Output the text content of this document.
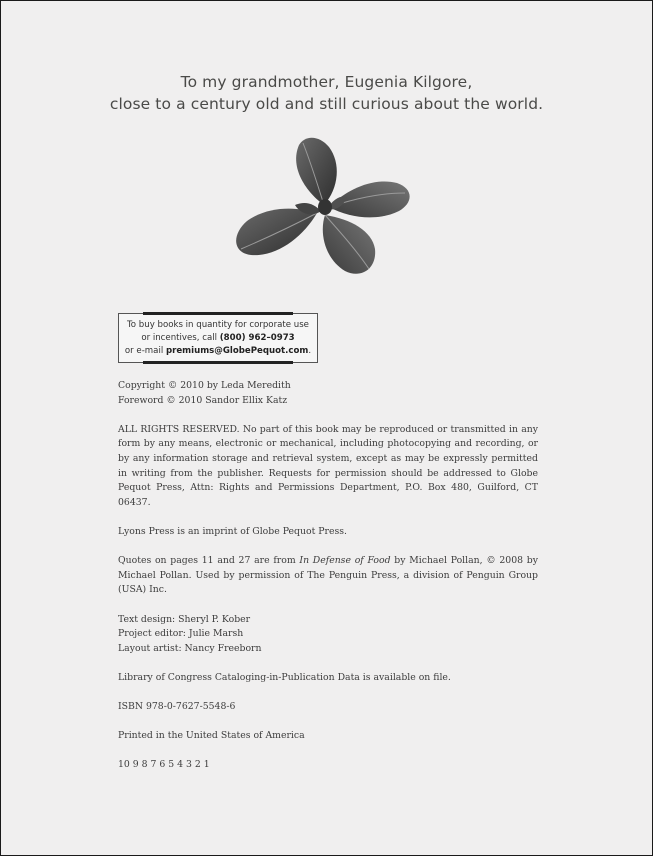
To my grandmother, Eugenia Kilgore,
close to a century old and still curious about the world.
To buy books in quantity for corporate use
or incentives, call (800) 962–0973
or e-mail premiums@GlobePequot.com.

Copyright © 2010 by Leda Meredith
Foreword © 2010 Sandor Ellix Katz

ALL RIGHTS RESERVED. No part of this book may be reproduced or transmitted in any form by any means, electronic or mechanical, including photocopying and recording, or by any information storage and retrieval system, except as may be expressly permitted in writing from the publisher. Requests for permission should be addressed to Globe Pequot Press, Attn: Rights and Permissions Department, P.O. Box 480, Guilford, CT 06437.

Lyons Press is an imprint of Globe Pequot Press.

Quotes on pages 11 and 27 are from In Defense of Food by Michael Pollan, © 2008 by Michael Pollan. Used by permission of The Penguin Press, a division of Penguin Group (USA) Inc.

Text design: Sheryl P. Kober
Project editor: Julie Marsh
Layout artist: Nancy Freeborn

Library of Congress Cataloging-in-Publication Data is available on file.

ISBN 978-0-7627-5548-6

Printed in the United States of America

10 9 8 7 6 5 4 3 2 1
